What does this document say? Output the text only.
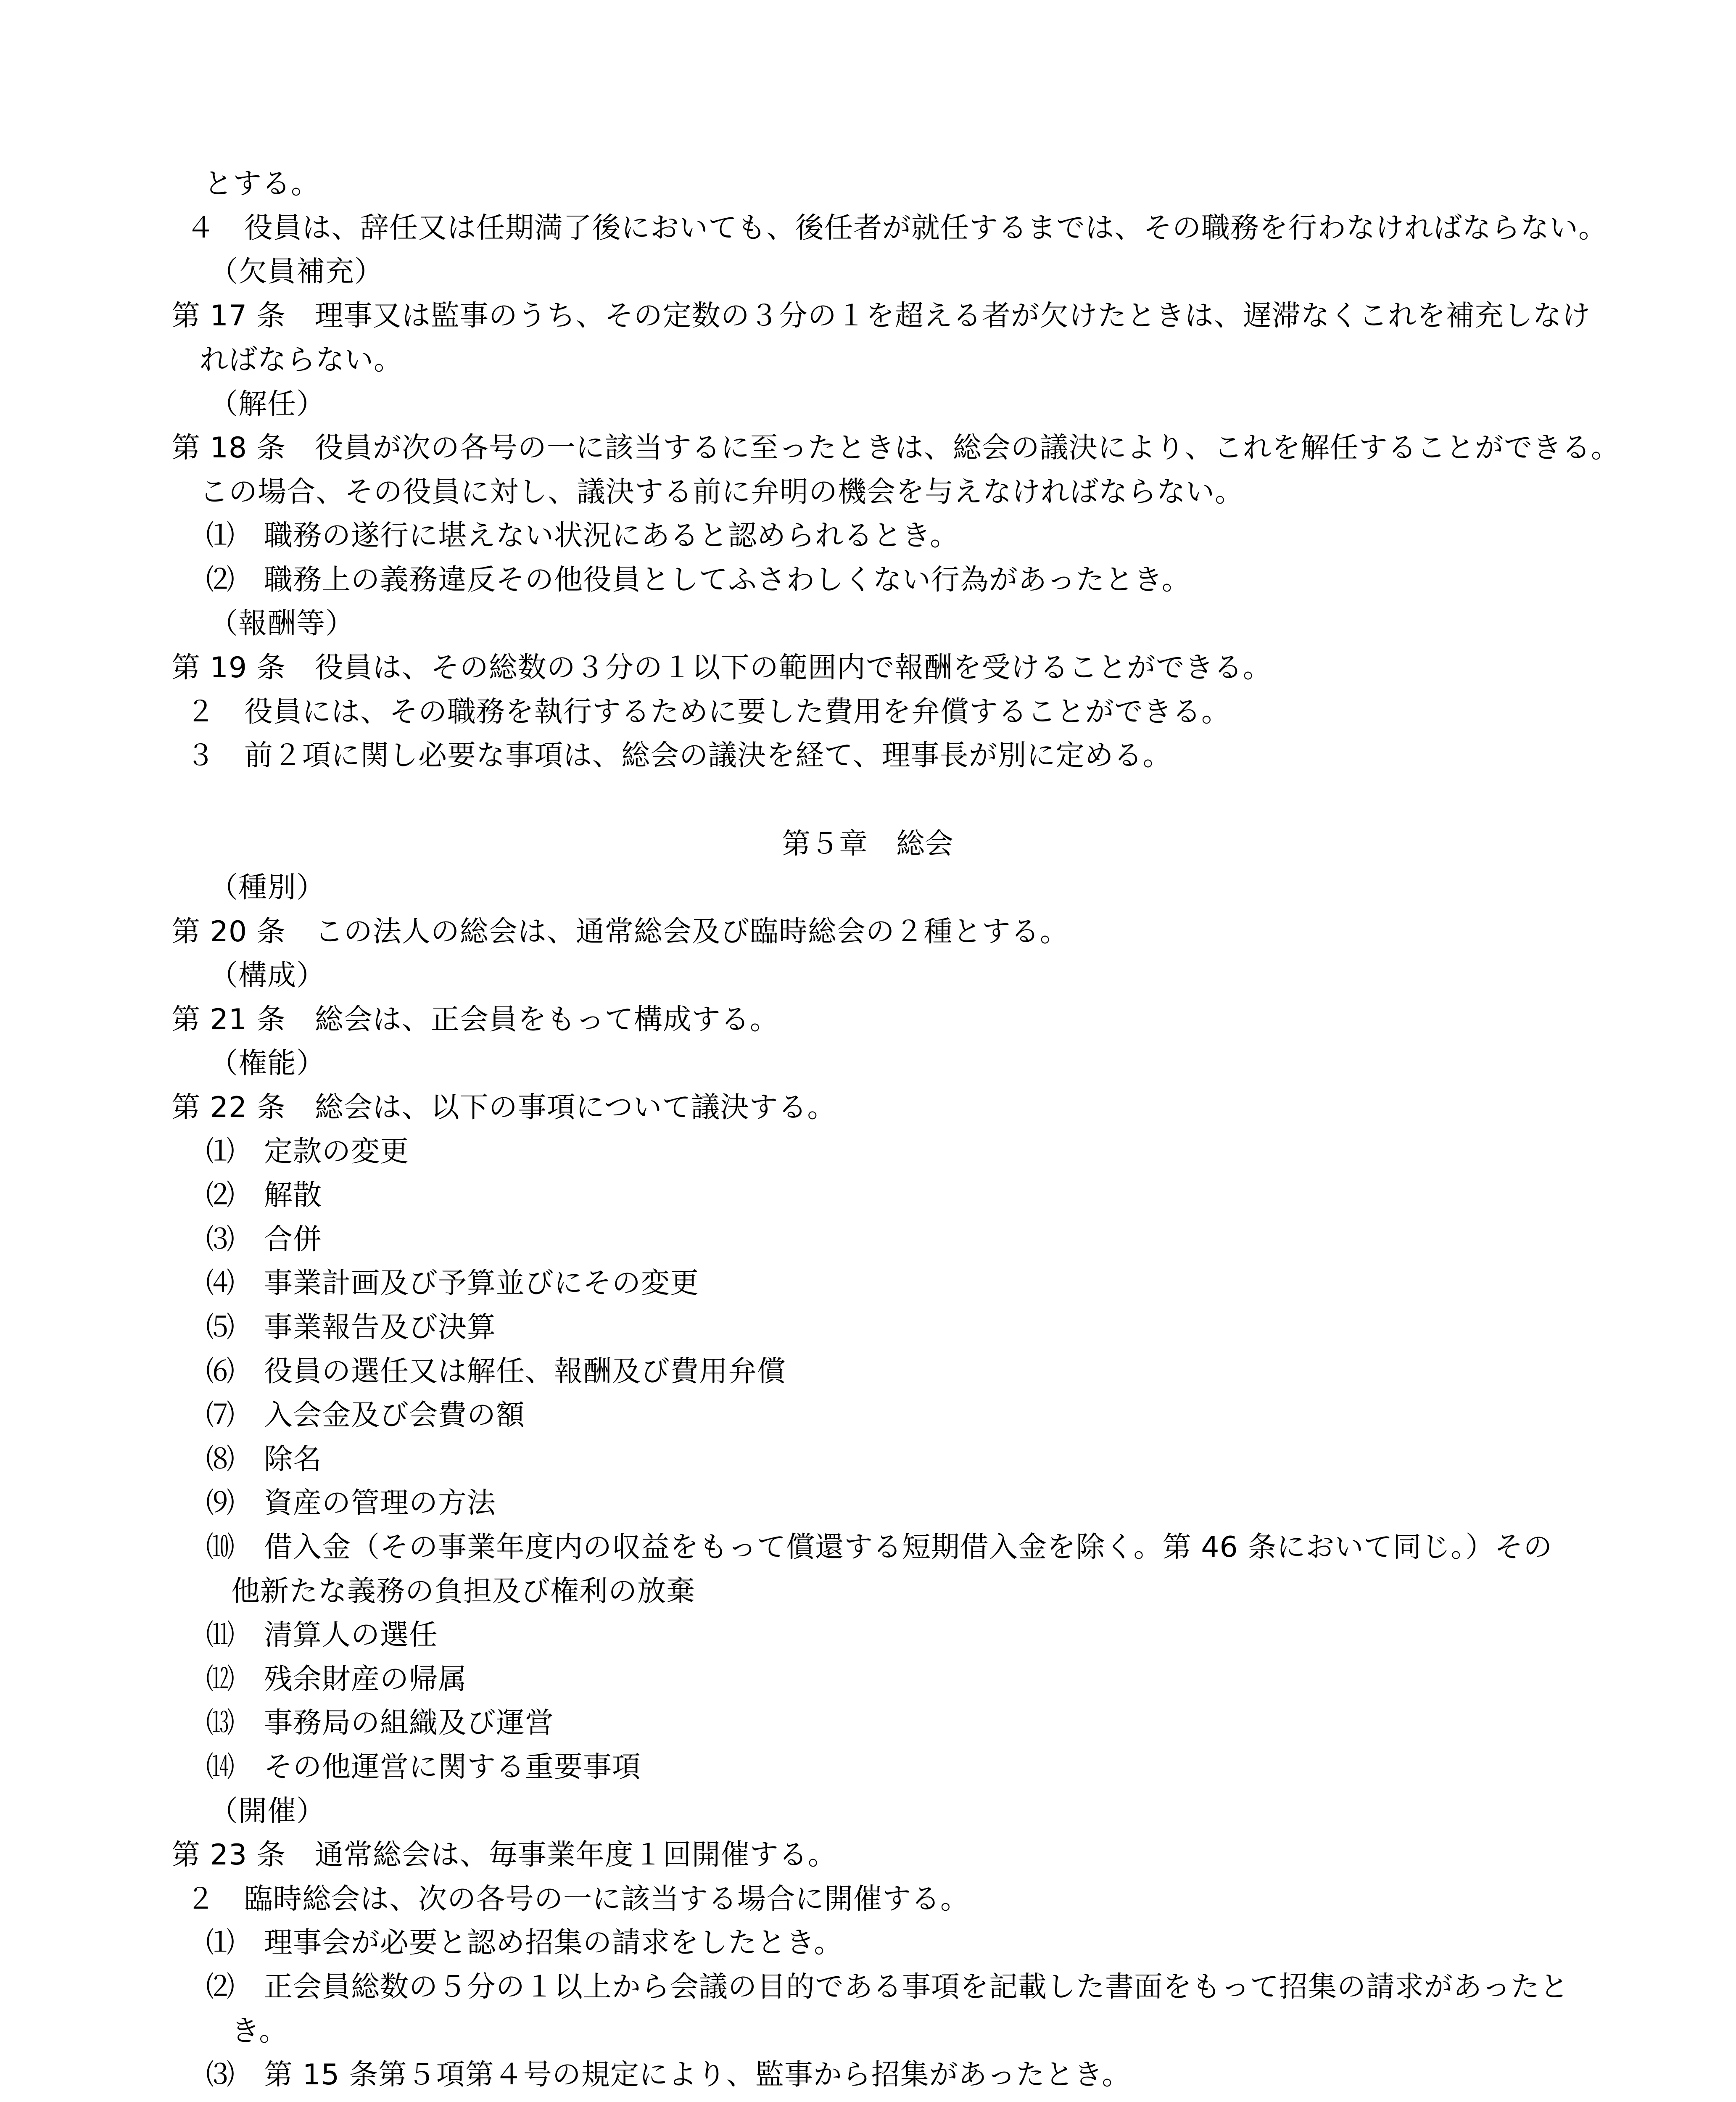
とする。
４　役員は、辞任又は任期満了後においても、後任者が就任するまでは、その職務を行わなければならない。
（欠員補充）
第 17 条　理事又は監事のうち、その定数の３分の１を超える者が欠けたときは、遅滞なくこれを補充しなけ
ればならない。
（解任）
第 18 条　役員が次の各号の一に該当するに至ったときは、総会の議決により、これを解任することができる。
この場合、その役員に対し、議決する前に弁明の機会を与えなければならない。
⑴　職務の遂行に堪えない状況にあると認められるとき。
⑵　職務上の義務違反その他役員としてふさわしくない行為があったとき。
（報酬等）
第 19 条　役員は、その総数の３分の１以下の範囲内で報酬を受けることができる。
２　役員には、その職務を執行するために要した費用を弁償することができる。
３　前２項に関し必要な事項は、総会の議決を経て、理事長が別に定める。
第５章　総会
（種別）
第 20 条　この法人の総会は、通常総会及び臨時総会の２種とする。
（構成）
第 21 条　総会は、正会員をもって構成する。
（権能）
第 22 条　総会は、以下の事項について議決する。
⑴　定款の変更
⑵　解散
⑶　合併
⑷　事業計画及び予算並びにその変更
⑸　事業報告及び決算
⑹　役員の選任又は解任、報酬及び費用弁償
⑺　入会金及び会費の額
⑻　除名
⑼　資産の管理の方法
⑽　借入金（その事業年度内の収益をもって償還する短期借入金を除く。第 46 条において同じ。）その
他新たな義務の負担及び権利の放棄
⑾　清算人の選任
⑿　残余財産の帰属
⒀　事務局の組織及び運営
⒁　その他運営に関する重要事項
（開催）
第 23 条　通常総会は、毎事業年度１回開催する。
２　臨時総会は、次の各号の一に該当する場合に開催する。
⑴　理事会が必要と認め招集の請求をしたとき。
⑵　正会員総数の５分の１以上から会議の目的である事項を記載した書面をもって招集の請求があったと
き。
⑶　第 15 条第５項第４号の規定により、監事から招集があったとき。
